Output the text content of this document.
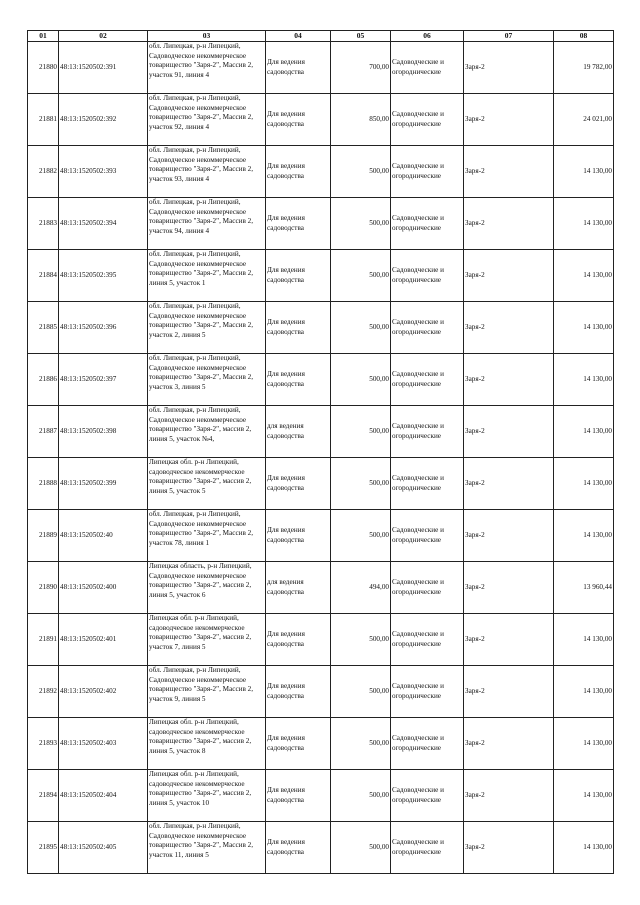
01	02	03	04	05	06	07	08
21880	48:13:1520502:391	обл. Липецкая, р-н Липецкий, Садоводческое некоммерческое товарищество "Заря-2", Массив 2, участок 91, линия 4	Для ведения садоводства	700,00	Садоводческие и огороднические	Заря-2	19 782,00
21881	48:13:1520502:392	обл. Липецкая, р-н Липецкий, Садоводческое некоммерческое товарищество "Заря-2", Массив 2, участок 92, линия 4	Для ведения садоводства	850,00	Садоводческие и огороднические	Заря-2	24 021,00
21882	48:13:1520502:393	обл. Липецкая, р-н Липецкий, Садоводческое некоммерческое товарищество "Заря-2", Массив 2, участок 93, линия 4	Для ведения садоводства	500,00	Садоводческие и огороднические	Заря-2	14 130,00
21883	48:13:1520502:394	обл. Липецкая, р-н Липецкий, Садоводческое некоммерческое товарищество "Заря-2", Массив 2, участок 94, линия 4	Для ведения садоводства	500,00	Садоводческие и огороднические	Заря-2	14 130,00
21884	48:13:1520502:395	обл. Липецкая, р-н Липецкий, Садоводческое некоммерческое товарищество "Заря-2", Массив 2, линия 5, участок 1	Для ведения садоводства	500,00	Садоводческие и огороднические	Заря-2	14 130,00
21885	48:13:1520502:396	обл. Липецкая, р-н Липецкий, Садоводческое некоммерческое товарищество "Заря-2", Массив 2, участок 2, линия 5	Для ведения садоводства	500,00	Садоводческие и огороднические	Заря-2	14 130,00
21886	48:13:1520502:397	обл. Липецкая, р-н Липецкий, Садоводческое некоммерческое товарищество "Заря-2", Массив 2, участок 3, линия 5	Для ведения садоводства	500,00	Садоводческие и огороднические	Заря-2	14 130,00
21887	48:13:1520502:398	обл. Липецкая, р-н Липецкий, Садоводческое некоммерческое товарищество "Заря-2", массив 2, линия 5, участок №4,	для ведения садоводства	500,00	Садоводческие и огороднические	Заря-2	14 130,00
21888	48:13:1520502:399	Липецкая обл. р-н Липецкий, садоводческое некоммерческое товарищество "Заря-2", массив 2, линия 5, участок 5	Для ведения садоводства	500,00	Садоводческие и огороднические	Заря-2	14 130,00
21889	48:13:1520502:40	обл. Липецкая, р-н Липецкий, Садоводческое некоммерческое товарищество "Заря-2", Массив 2, участок 78, линия 1	Для ведения садоводства	500,00	Садоводческие и огороднические	Заря-2	14 130,00
21890	48:13:1520502:400	Липецкая область, р-н Липецкий, Садоводческое некоммерческое товарищество "Заря-2", массив 2, линия 5, участок 6	для ведения садоводства	494,00	Садоводческие и огороднические	Заря-2	13 960,44
21891	48:13:1520502:401	Липецкая обл. р-н Липецкий, садоводческое некоммерческое товарищество "Заря-2", массив 2, участок 7, линия 5	Для ведения садоводства	500,00	Садоводческие и огороднические	Заря-2	14 130,00
21892	48:13:1520502:402	обл. Липецкая, р-н Липецкий, Садоводческое некоммерческое товарищество "Заря-2", Массив 2, участок 9, линия 5	Для ведения садоводства	500,00	Садоводческие и огороднические	Заря-2	14 130,00
21893	48:13:1520502:403	Липецкая обл. р-н Липецкий, садоводческое некоммерческое товарищество "Заря-2", массив 2, линия 5, участок 8	Для ведения садоводства	500,00	Садоводческие и огороднические	Заря-2	14 130,00
21894	48:13:1520502:404	Липецкая обл. р-н Липецкий, садоводческое некоммерческое товарищество "Заря-2", массив 2, линия 5, участок 10	Для ведения садоводства	500,00	Садоводческие и огороднические	Заря-2	14 130,00
21895	48:13:1520502:405	обл. Липецкая, р-н Липецкий, Садоводческое некоммерческое товарищество "Заря-2", Массив 2, участок 11, линия 5	Для ведения садоводства	500,00	Садоводческие и огороднические	Заря-2	14 130,00
